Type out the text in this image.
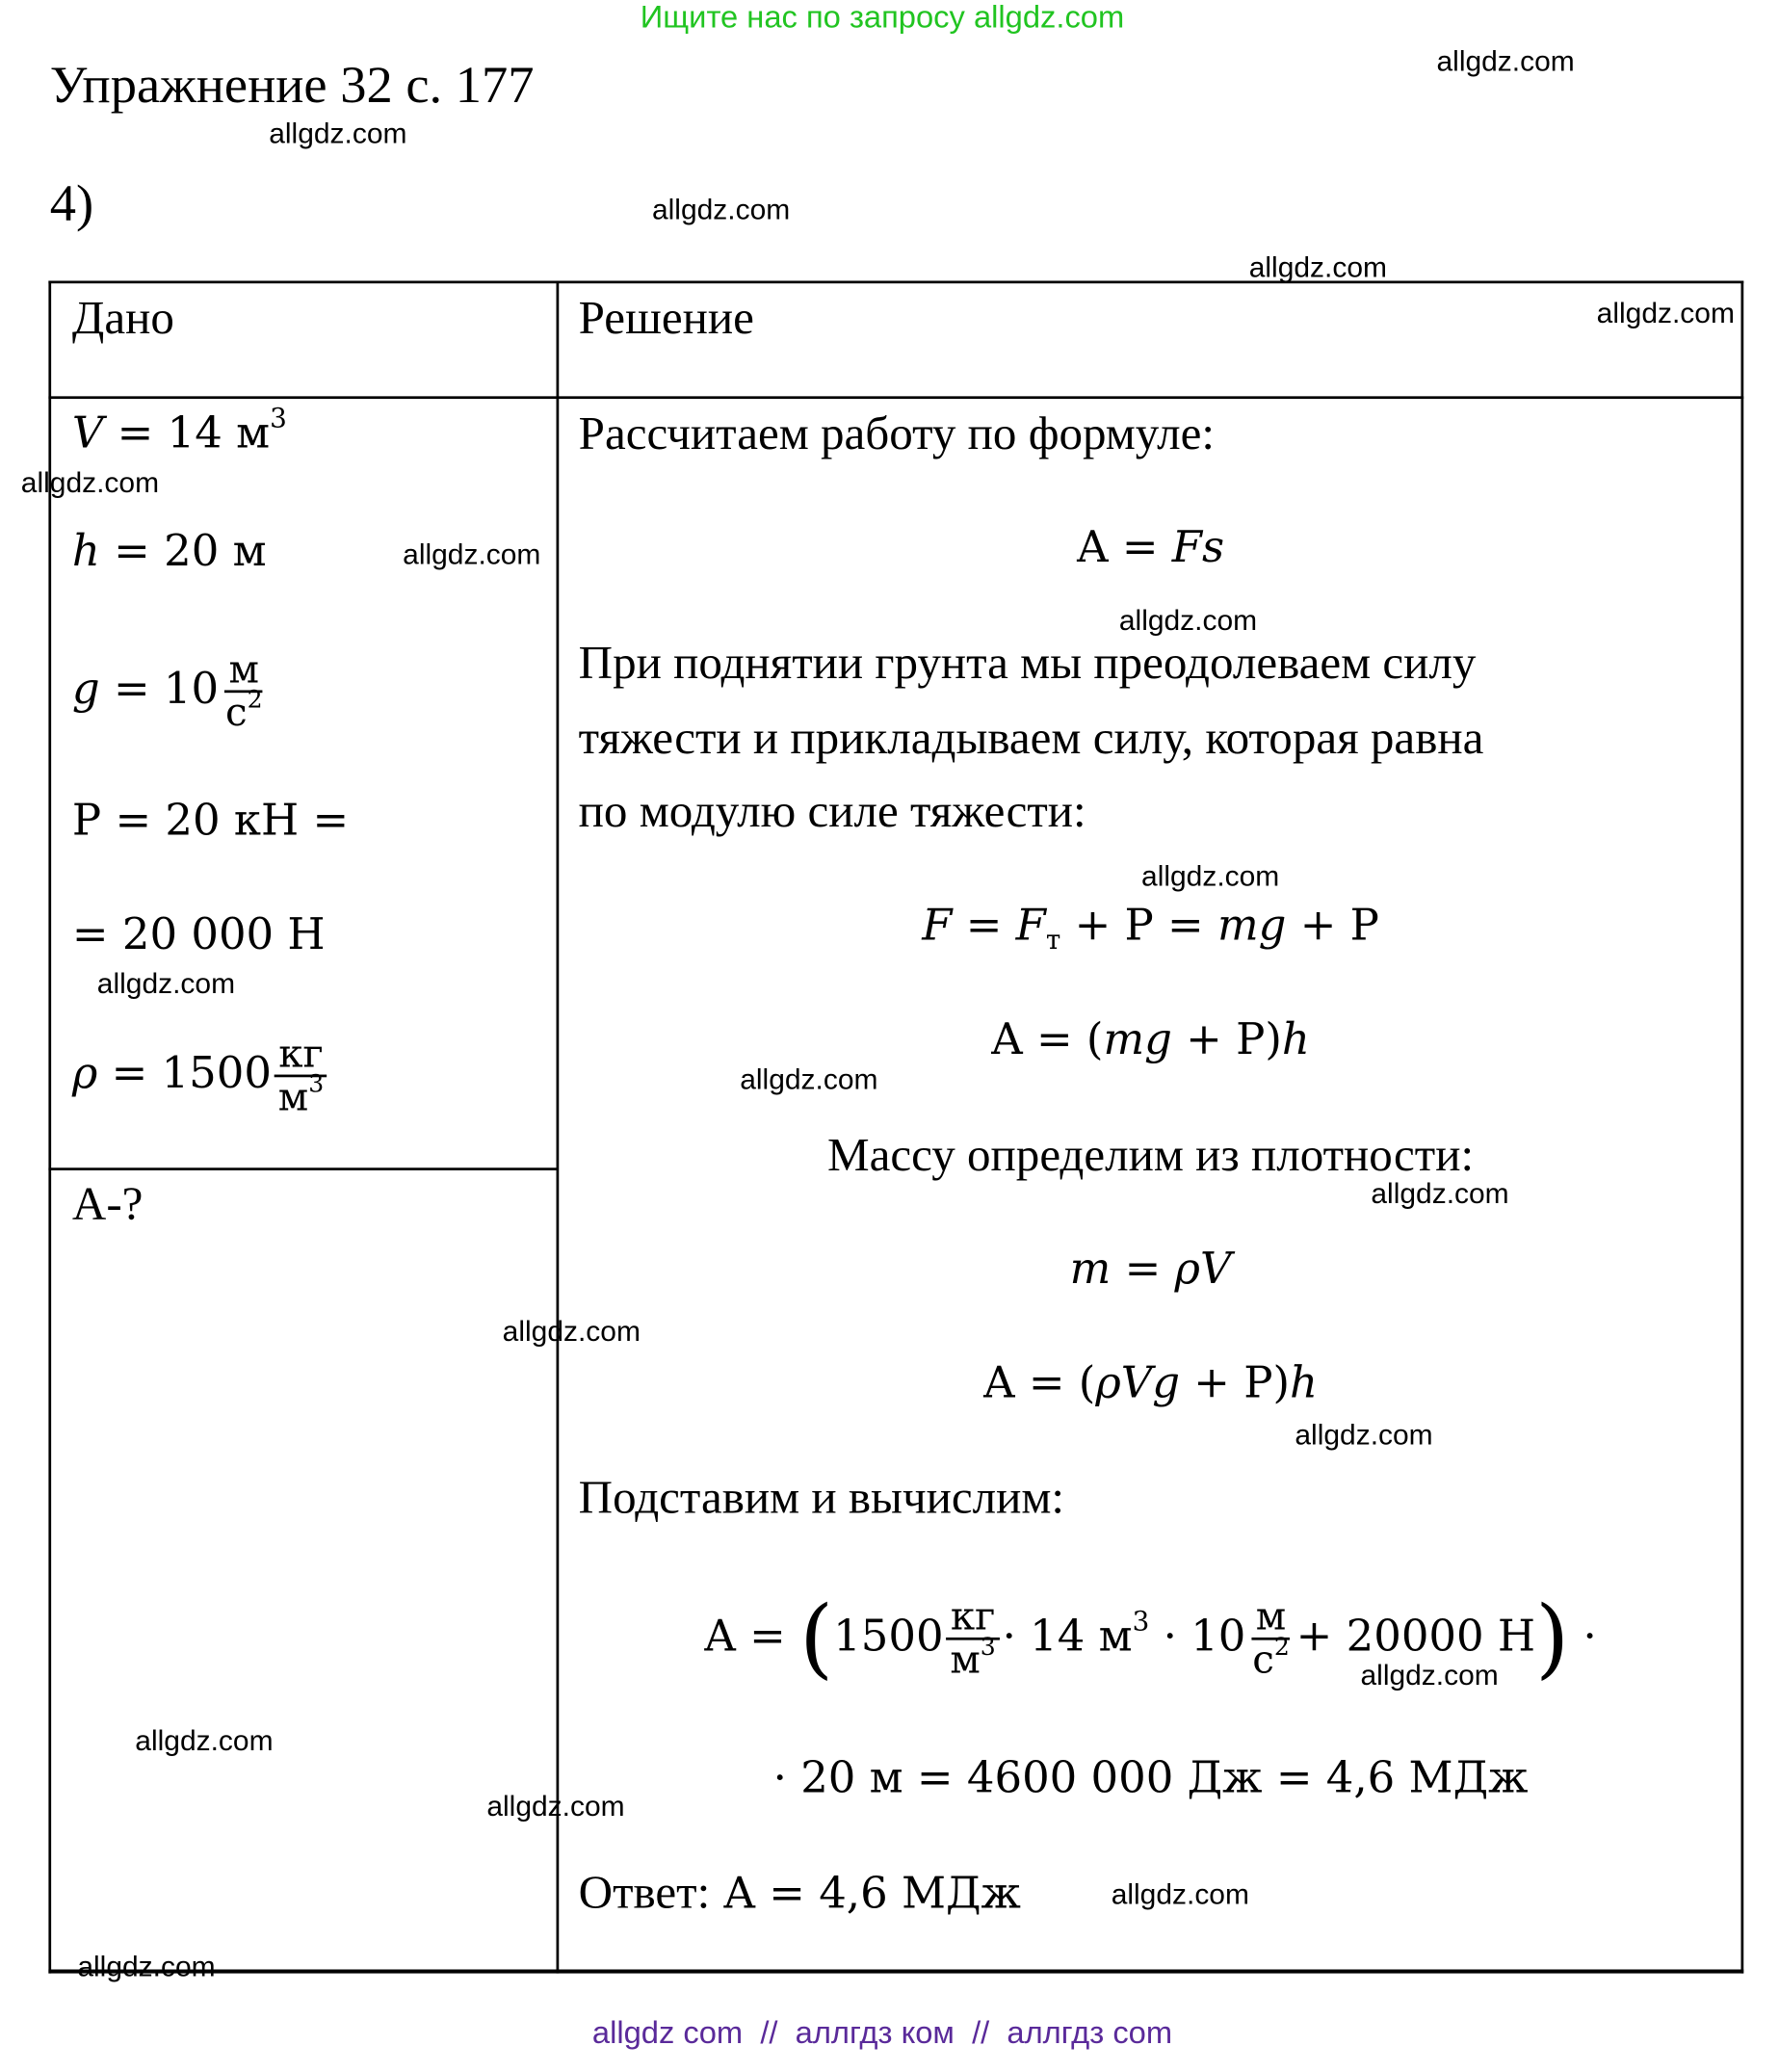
Ищите нас по запросу allgdz.com
Упражнение 32 с. 177
4)
Дано	Решение
V = 14 $м^3$
h = 20 м
$g = 10 \frac{м}{с^2}$
P = 20 кН =
= 20 000 Н
$\rho = 1500 \frac{кг}{м^3}$
A-?
Рассчитаем работу по формуле:
A = Fs
При поднятии грунта мы преодолеваем силу
тяжести и прикладываем силу, которая равна
по модулю силе тяжести:
$F = F_т + P$ = mg + P
A = (mg + P)h
Массу определим из плотности:
m = ρV
A = (ρVg + P)h
Подставим и вычислим:
$A = (1500 \frac{кг}{м^3} \cdot 14$ $м^3 \cdot 10 \frac{м}{с^2} + 20000$ Н) ·
· 20 м = 4600 000 Дж = 4,6 МДж
Ответ: A = 4,6 МДж
allgdz.com
allgdz.com
allgdz.com
allgdz.com
allgdz.com
allgdz.com
allgdz.com
allgdz.com
allgdz.com
allgdz.com
allgdz.com
allgdz.com
allgdz.com
allgdz.com
allgdz.com
allgdz.com
allgdz.com
allgdz.com
allgdz.com
allgdz com  //  аллгдз ком  //  аллгдз com
